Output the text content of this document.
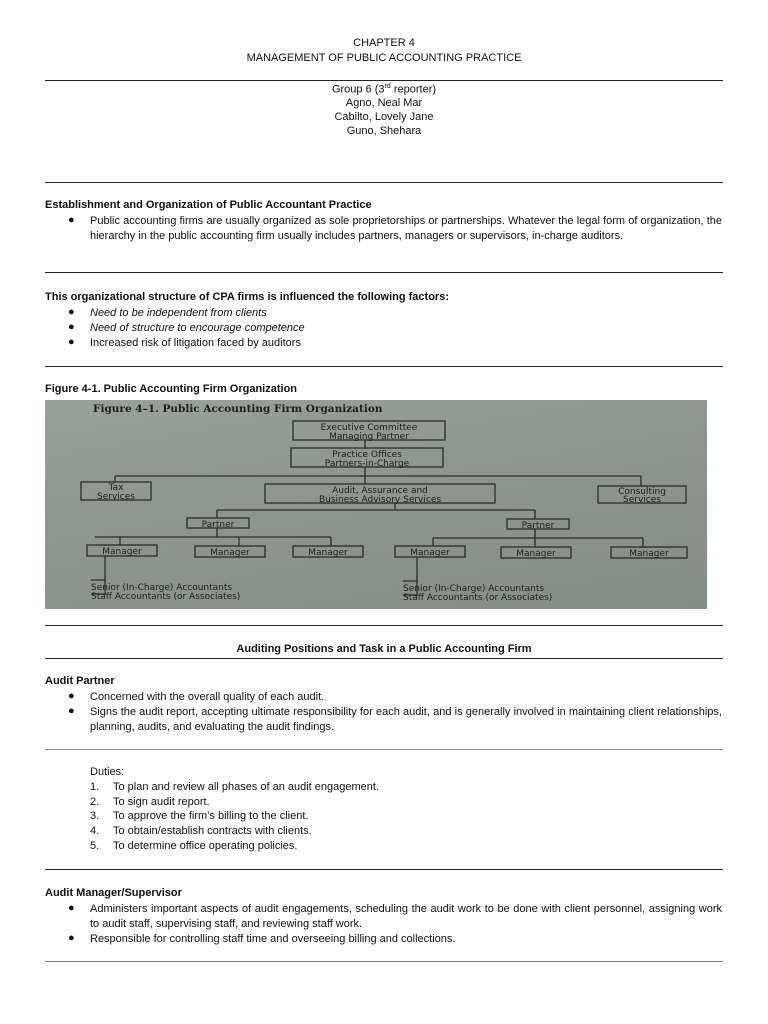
CHAPTER 4
MANAGEMENT OF PUBLIC ACCOUNTING PRACTICE
Group 6 (3rd reporter)
Agno, Neal Mar
Cabilto, Lovely Jane
Guno, Shehara
Establishment and Organization of Public Accountant Practice
● Public accounting firms are usually organized as sole proprietorships or partnerships. Whatever the legal form of organization, the hierarchy in the public accounting firm usually includes partners, managers or supervisors, in-charge auditors.
This organizational structure of CPA firms is influenced the following factors:
● Need to be independent from clients
● Need of structure to encourage competence
● Increased risk of litigation faced by auditors
Figure 4-1. Public Accounting Firm Organization
Figure 4–1. Public Accounting Firm Organization
Executive Committee
Managing Partner
Practice Offices
Partners-in-Charge
Tax
Services
Audit, Assurance and
Business Advisory Services
Consulting
Services
Partner	Partner
Manager	Manager	Manager	Manager	Manager	Manager
Senior (In-Charge) Accountants
Staff Accountants (or Associates)
Senior (In-Charge) Accountants
Staff Accountants (or Associates)
Auditing Positions and Task in a Public Accounting Firm
Audit Partner
● Concerned with the overall quality of each audit.
● Signs the audit report, accepting ultimate responsibility for each audit, and is generally involved in maintaining client relationships, planning, audits, and evaluating the audit findings.
Duties:
1. To plan and review all phases of an audit engagement.
2. To sign audit report.
3. To approve the firm’s billing to the client.
4. To obtain/establish contracts with clients.
5. To determine office operating policies.
Audit Manager/Supervisor
● Administers important aspects of audit engagements, scheduling the audit work to be done with client personnel, assigning work to audit staff, supervising staff, and reviewing staff work.
● Responsible for controlling staff time and overseeing billing and collections.
